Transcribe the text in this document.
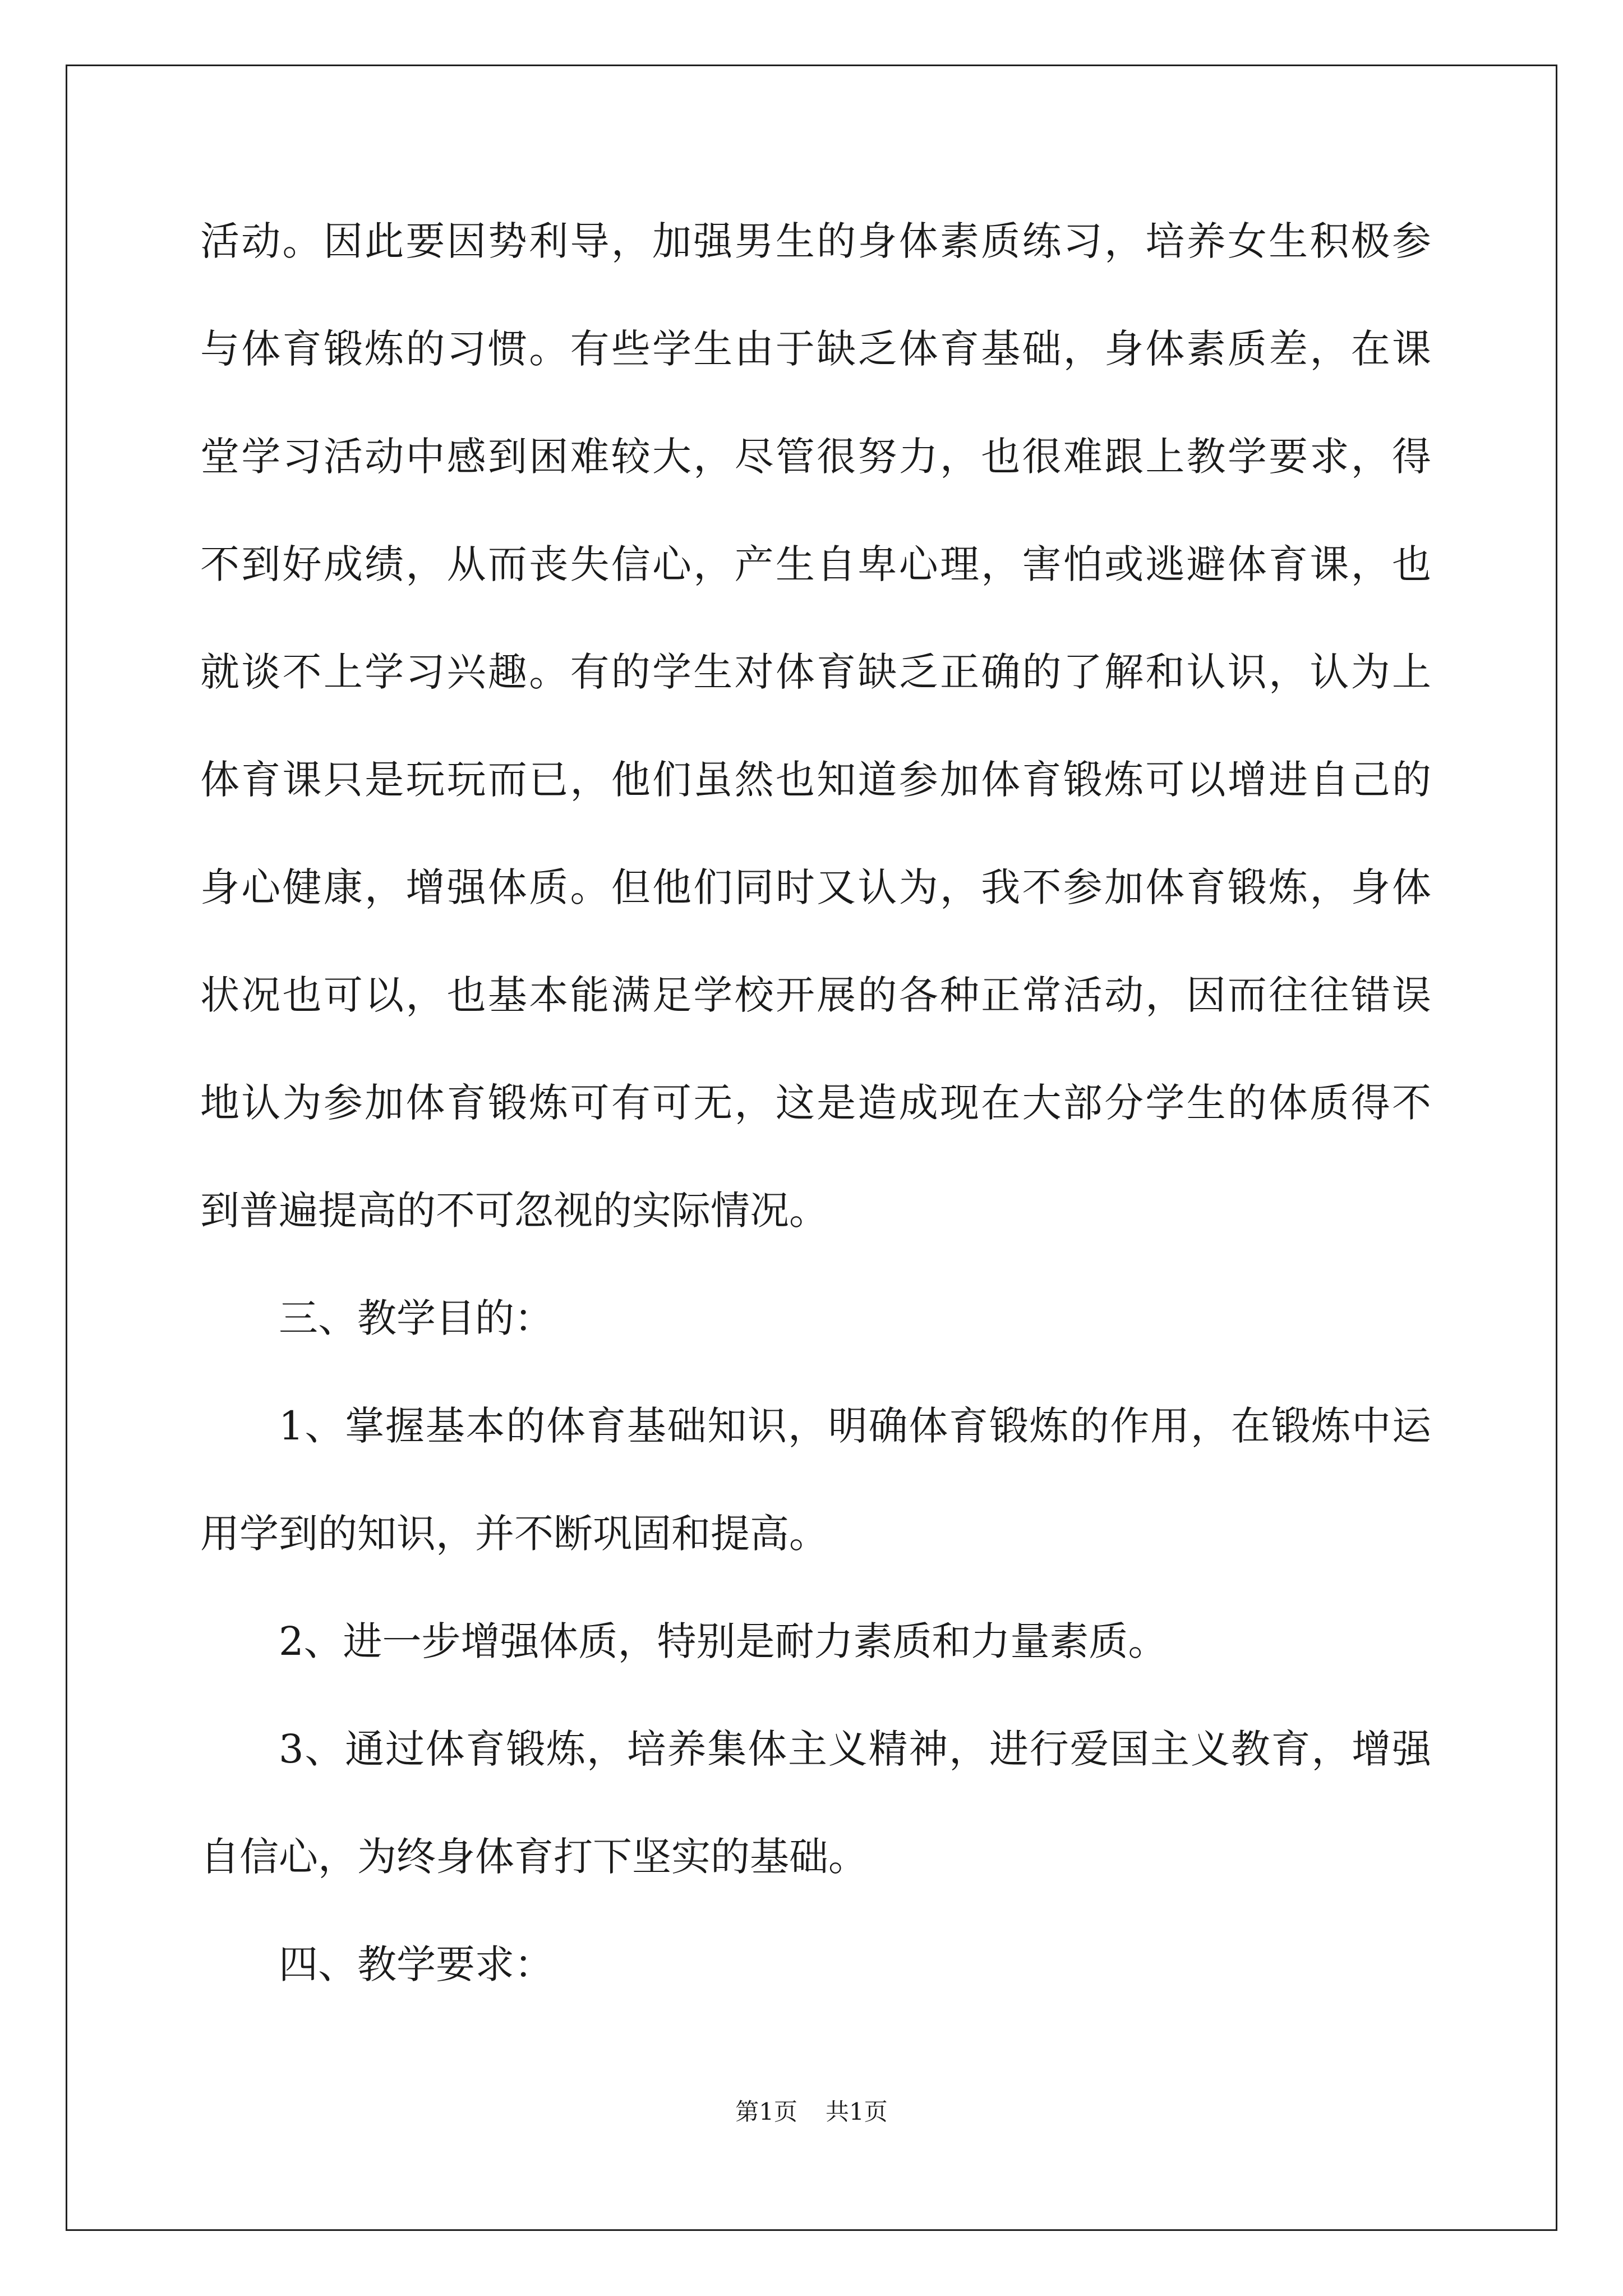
活动。因此要因势利导，加强男生的身体素质练习，培养女生积极参
与体育锻炼的习惯。有些学生由于缺乏体育基础，身体素质差，在课
堂学习活动中感到困难较大，尽管很努力，也很难跟上教学要求，得
不到好成绩，从而丧失信心，产生自卑心理，害怕或逃避体育课，也
就谈不上学习兴趣。有的学生对体育缺乏正确的了解和认识，认为上
体育课只是玩玩而已，他们虽然也知道参加体育锻炼可以增进自己的
身心健康，增强体质。但他们同时又认为，我不参加体育锻炼，身体
状况也可以，也基本能满足学校开展的各种正常活动，因而往往错误
地认为参加体育锻炼可有可无，这是造成现在大部分学生的体质得不
到普遍提高的不可忽视的实际情况。
三、教学目的：
1、掌握基本的体育基础知识，明确体育锻炼的作用，在锻炼中运
用学到的知识，并不断巩固和提高。
2、进一步增强体质，特别是耐力素质和力量素质。
3、通过体育锻炼，培养集体主义精神，进行爱国主义教育，增强
自信心，为终身体育打下坚实的基础。
四、教学要求：
第1页 共1页
